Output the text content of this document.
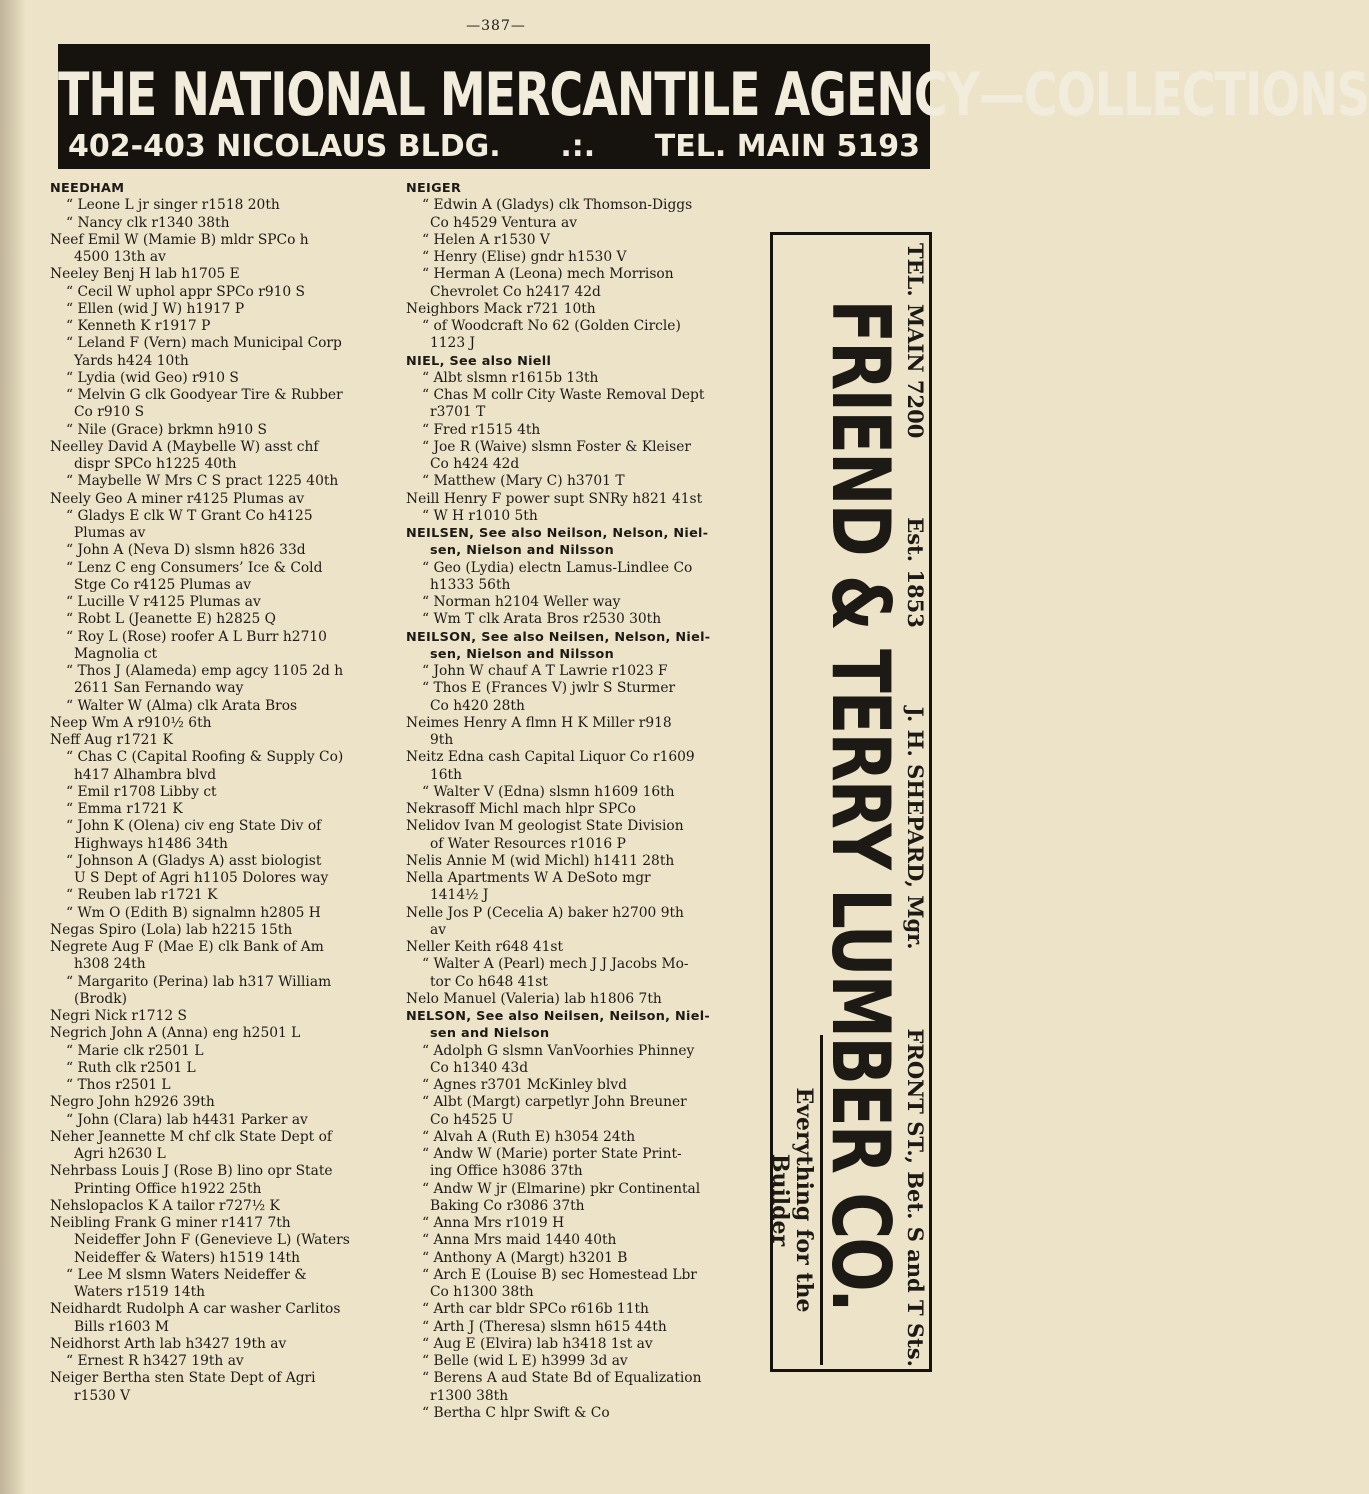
—387—
THE NATIONAL MERCANTILE AGENCY—COLLECTIONS
402-403 NICOLAUS BLDG. .:. TEL. MAIN 5193
NEEDHAM
“ Leone L jr singer r1518 20th
“ Nancy clk r1340 38th
Neef Emil W (Mamie B) mldr SPCo h
4500 13th av
Neeley Benj H lab h1705 E
“ Cecil W uphol appr SPCo r910 S
“ Ellen (wid J W) h1917 P
“ Kenneth K r1917 P
“ Leland F (Vern) mach Municipal Corp
Yards h424 10th
“ Lydia (wid Geo) r910 S
“ Melvin G clk Goodyear Tire & Rubber
Co r910 S
“ Nile (Grace) brkmn h910 S
Neelley David A (Maybelle W) asst chf
dispr SPCo h1225 40th
“ Maybelle W Mrs C S pract 1225 40th
Neely Geo A miner r4125 Plumas av
“ Gladys E clk W T Grant Co h4125
Plumas av
“ John A (Neva D) slsmn h826 33d
“ Lenz C eng Consumers’ Ice & Cold
Stge Co r4125 Plumas av
“ Lucille V r4125 Plumas av
“ Robt L (Jeanette E) h2825 Q
“ Roy L (Rose) roofer A L Burr h2710
Magnolia ct
“ Thos J (Alameda) emp agcy 1105 2d h
2611 San Fernando way
“ Walter W (Alma) clk Arata Bros
Neep Wm A r910½ 6th
Neff Aug r1721 K
“ Chas C (Capital Roofing & Supply Co)
h417 Alhambra blvd
“ Emil r1708 Libby ct
“ Emma r1721 K
“ John K (Olena) civ eng State Div of
Highways h1486 34th
“ Johnson A (Gladys A) asst biologist
U S Dept of Agri h1105 Dolores way
“ Reuben lab r1721 K
“ Wm O (Edith B) signalmn h2805 H
Negas Spiro (Lola) lab h2215 15th
Negrete Aug F (Mae E) clk Bank of Am
h308 24th
“ Margarito (Perina) lab h317 William
(Brodk)
Negri Nick r1712 S
Negrich John A (Anna) eng h2501 L
“ Marie clk r2501 L
“ Ruth clk r2501 L
“ Thos r2501 L
Negro John h2926 39th
“ John (Clara) lab h4431 Parker av
Neher Jeannette M chf clk State Dept of
Agri h2630 L
Nehrbass Louis J (Rose B) lino opr State
Printing Office h1922 25th
Nehslopaclos K A tailor r727½ K
Neibling Frank G miner r1417 7th
Neideffer John F (Genevieve L) (Waters
Neideffer & Waters) h1519 14th
“ Lee M slsmn Waters Neideffer &
Waters r1519 14th
Neidhardt Rudolph A car washer Carlitos
Bills r1603 M
Neidhorst Arth lab h3427 19th av
“ Ernest R h3427 19th av
Neiger Bertha sten State Dept of Agri
r1530 V
NEIGER
“ Edwin A (Gladys) clk Thomson-Diggs
Co h4529 Ventura av
“ Helen A r1530 V
“ Henry (Elise) gndr h1530 V
“ Herman A (Leona) mech Morrison
Chevrolet Co h2417 42d
Neighbors Mack r721 10th
“ of Woodcraft No 62 (Golden Circle)
1123 J
NIEL, See also Niell
“ Albt slsmn r1615b 13th
“ Chas M collr City Waste Removal Dept
r3701 T
“ Fred r1515 4th
“ Joe R (Waive) slsmn Foster & Kleiser
Co h424 42d
“ Matthew (Mary C) h3701 T
Neill Henry F power supt SNRy h821 41st
“ W H r1010 5th
NEILSEN, See also Neilson, Nelson, Niel-
sen, Nielson and Nilsson
“ Geo (Lydia) electn Lamus-Lindlee Co
h1333 56th
“ Norman h2104 Weller way
“ Wm T clk Arata Bros r2530 30th
NEILSON, See also Neilsen, Nelson, Niel-
sen, Nielson and Nilsson
“ John W chauf A T Lawrie r1023 F
“ Thos E (Frances V) jwlr S Sturmer
Co h420 28th
Neimes Henry A flmn H K Miller r918
9th
Neitz Edna cash Capital Liquor Co r1609
16th
“ Walter V (Edna) slsmn h1609 16th
Nekrasoff Michl mach hlpr SPCo
Nelidov Ivan M geologist State Division
of Water Resources r1016 P
Nelis Annie M (wid Michl) h1411 28th
Nella Apartments W A DeSoto mgr
1414½ J
Nelle Jos P (Cecelia A) baker h2700 9th
av
Neller Keith r648 41st
“ Walter A (Pearl) mech J J Jacobs Mo-
tor Co h648 41st
Nelo Manuel (Valeria) lab h1806 7th
NELSON, See also Neilsen, Neilson, Niel-
sen and Nielson
“ Adolph G slsmn VanVoorhies Phinney
Co h1340 43d
“ Agnes r3701 McKinley blvd
“ Albt (Margt) carpetlyr John Breuner
Co h4525 U
“ Alvah A (Ruth E) h3054 24th
“ Andw W (Marie) porter State Print-
ing Office h3086 37th
“ Andw W jr (Elmarine) pkr Continental
Baking Co r3086 37th
“ Anna Mrs r1019 H
“ Anna Mrs maid 1440 40th
“ Anthony A (Margt) h3201 B
“ Arch E (Louise B) sec Homestead Lbr
Co h1300 38th
“ Arth car bldr SPCo r616b 11th
“ Arth J (Theresa) slsmn h615 44th
“ Aug E (Elvira) lab h3418 1st av
“ Belle (wid L E) h3999 3d av
“ Berens A aud State Bd of Equalization
r1300 38th
“ Bertha C hlpr Swift & Co
TEL. MAIN 7200
Est. 1853
J. H. SHEPARD, Mgr.
FRONT ST., Bet. S and T Sts.
FRIEND & TERRY LUMBER CO.
Everything for the
Builder
